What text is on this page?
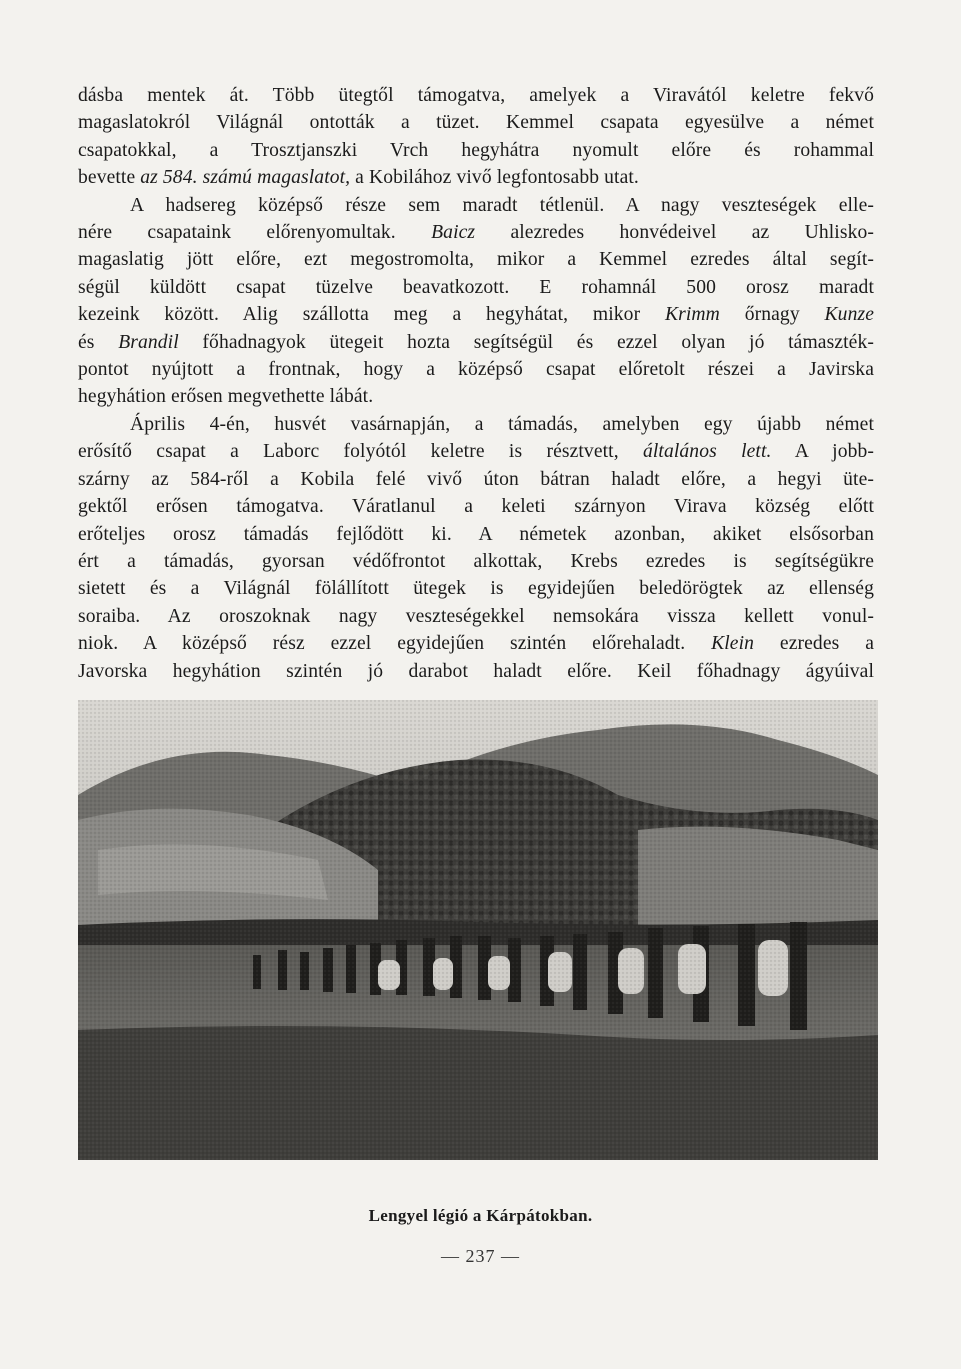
dásba mentek át. Több ütegtől támogatva, amelyek a Viravától keletre fekvő
magaslatokról Világnál ontották a tüzet. Kemmel csapata egyesülve a német
csapatokkal, a Trosztjanszki Vrch hegyhátra nyomult előre és rohammal
bevette az 584. számú magaslatot, a Kobilához vivő legfontosabb utat.
A hadsereg középső része sem maradt tétlenül. A nagy veszteségek elle-
nére csapataink előrenyomultak. Baicz alezredes honvédeivel az Uhlisko-
magaslatig jött előre, ezt megostromolta, mikor a Kemmel ezredes által segít-
ségül küldött csapat tüzelve beavatkozott. E rohamnál 500 orosz maradt
kezeink között. Alig szállotta meg a hegyhátat, mikor Krimm őrnagy Kunze
és Brandil főhadnagyok ütegeit hozta segítségül és ezzel olyan jó támaszték-
pontot nyújtott a frontnak, hogy a középső csapat előretolt részei a Javirska
hegyhátion erősen megvethette lábát.
Április 4-én, husvét vasárnapján, a támadás, amelyben egy újabb német
erősítő csapat a Laborc folyótól keletre is résztvett, általános lett. A jobb-
szárny az 584-ről a Kobila felé vivő úton bátran haladt előre, a hegyi üte-
gektől erősen támogatva. Váratlanul a keleti szárnyon Virava község előtt
erőteljes orosz támadás fejlődött ki. A németek azonban, akiket elsősorban
ért a támadás, gyorsan védőfrontot alkottak, Krebs ezredes is segítségükre
sietett és a Világnál fölállított ütegek is egyidejűen beledörögtek az ellenség
soraiba. Az oroszoknak nagy veszteségekkel nemsokára vissza kellett vonul-
niok. A középső rész ezzel egyidejűen szintén előrehaladt. Klein ezredes a
Javorska hegyhátion szintén jó darabot haladt előre. Keil főhadnagy ágyúival
Lengyel légió a Kárpátokban.
— 237 —
